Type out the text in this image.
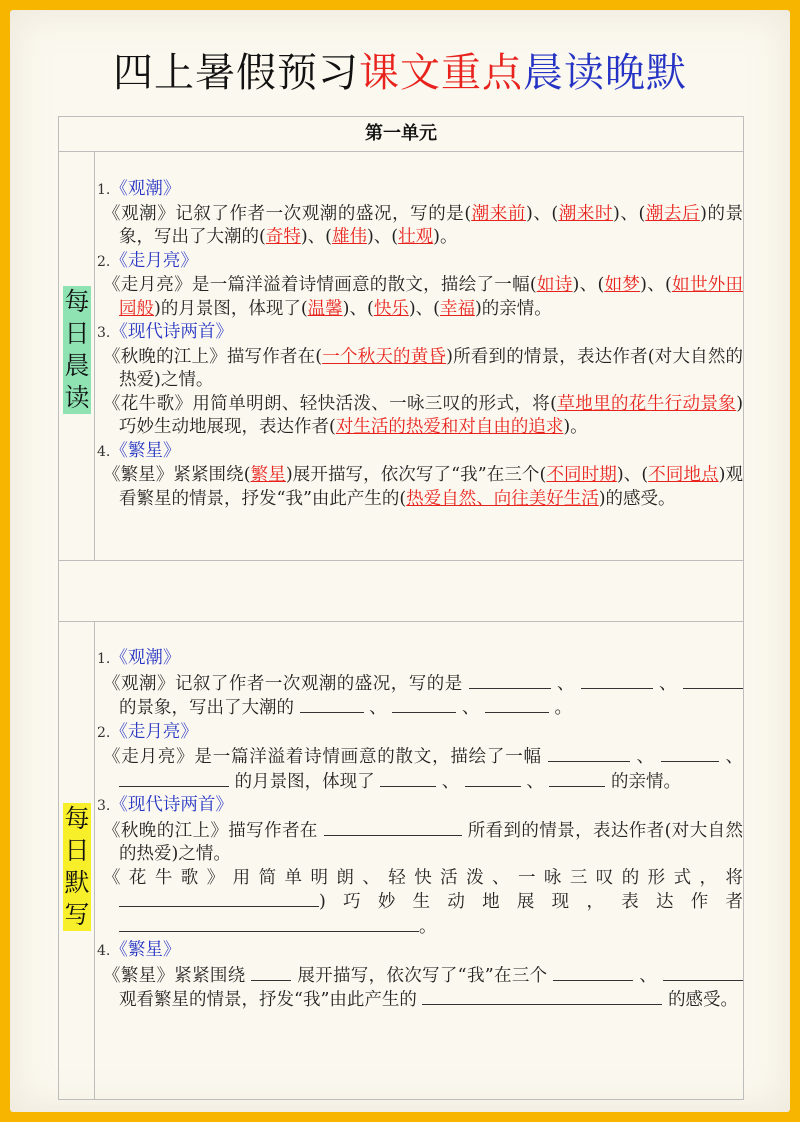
四上暑假预习课文重点晨读晚默
第一单元
每日晨读
1.《观潮》

《观潮》记叙了作者一次观潮的盛况，写的是(潮来前)、(潮来时)、(潮去后)的景象，写出了大潮的(奇特)、(雄伟)、(壮观)。

2.《走月亮》

《走月亮》是一篇洋溢着诗情画意的散文，描绘了一幅(如诗)、(如梦)、(如世外田园般)的月景图，体现了(温馨)、(快乐)、(幸福)的亲情。

3.《现代诗两首》

《秋晚的江上》描写作者在(一个秋天的黄昏)所看到的情景，表达作者(对大自然的热爱)之情。

《花牛歌》用简单明朗、轻快活泼、一咏三叹的形式，将(草地里的花牛行动景象)巧妙生动地展现，表达作者(对生活的热爱和对自由的追求)。

4.《繁星》

《繁星》紧紧围绕(繁星)展开描写，依次写了“我”在三个(不同时期)、(不同地点)观看繁星的情景，抒发“我”由此产生的(热爱自然、向往美好生活)的感受。

每日默写
1.《观潮》

《观潮》记叙了作者一次观潮的盛况，写的是	、	、  的景象，写出了大潮的	、	、	。

2.《走月亮》

《走月亮》是一篇洋溢着诗情画意的散文，描绘了一幅	、	、 的月景图，体现了	、	、	的亲情。

3.《现代诗两首》

《秋晚的江上》描写作者在	所看到的情景，表达作者(对大自然的热爱)之情。

《花牛歌》用简单明朗、轻快活泼、一咏三叹的形式，将 )巧妙生动地展现，表达作者 。

4.《繁星》

《繁星》紧紧围绕	展开描写，依次写了“我”在三个	、  观看繁星的情景，抒发“我”由此产生的	的感受。
